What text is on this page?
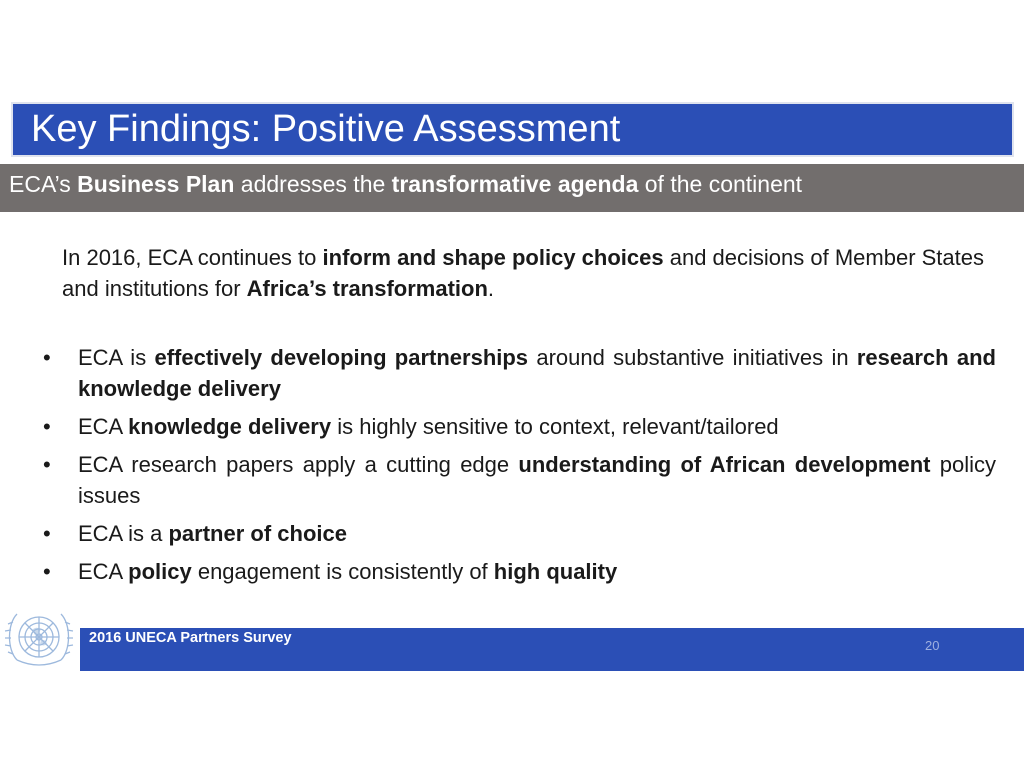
Key Findings: Positive Assessment
ECA’s Business Plan addresses the transformative agenda of the continent
In 2016, ECA continues to inform and shape policy choices and decisions of Member States and institutions for Africa’s transformation.
•	ECA is effectively developing partnerships around substantive initiatives in research and knowledge delivery
•	ECA knowledge delivery is highly sensitive to context, relevant/tailored
•	ECA research papers apply a cutting edge understanding of African development policy issues
•	ECA is a partner of choice
•	ECA policy engagement is consistently of high quality
2016 UNECA Partners Survey	20
